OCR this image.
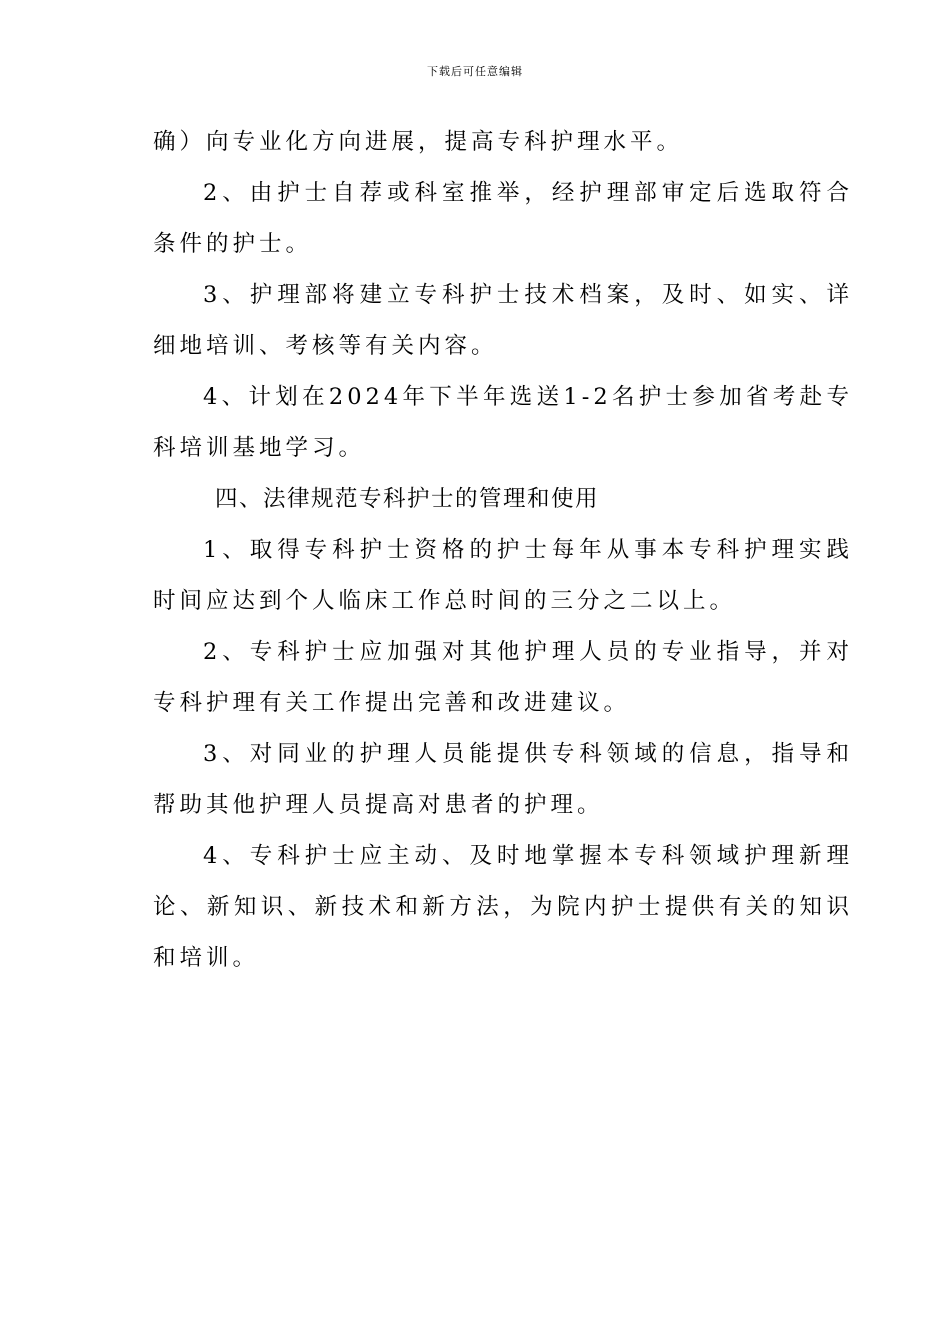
下载后可任意编辑

确）向专业化方向进展，提高专科护理水平。

2、由护士自荐或科室推举，经护理部审定后选取符合条件的护士。

3、护理部将建立专科护士技术档案，及时、如实、详细地培训、考核等有关内容。

4、计划在2024年下半年选送1-2名护士参加省考赴专科培训基地学习。

四、法律规范专科护士的管理和使用

1、取得专科护士资格的护士每年从事本专科护理实践时间应达到个人临床工作总时间的三分之二以上。

2、专科护士应加强对其他护理人员的专业指导，并对专科护理有关工作提出完善和改进建议。

3、对同业的护理人员能提供专科领域的信息，指导和帮助其他护理人员提高对患者的护理。

4、专科护士应主动、及时地掌握本专科领域护理新理论、新知识、新技术和新方法，为院内护士提供有关的知识和培训。
